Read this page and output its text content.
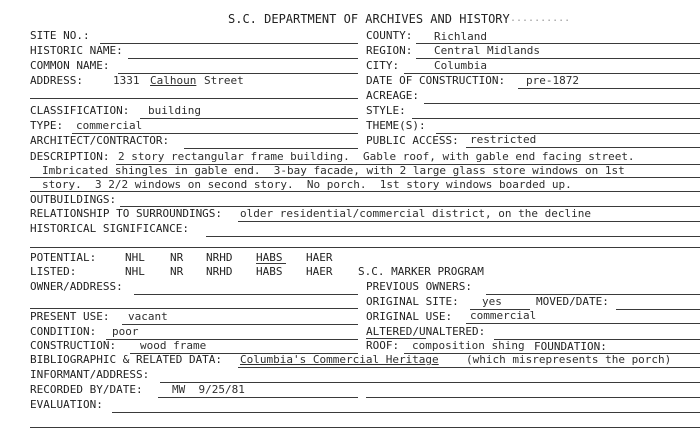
S.C. DEPARTMENT OF ARCHIVES AND HISTORY ..........
SITE NO.:
HISTORIC NAME:
COMMON NAME:
ADDRESS:	1331 Calhoun Street
COUNTY: Richland
REGION: Central Midlands
CITY:	Columbia
DATE OF CONSTRUCTION: pre-1872
ACREAGE:
STYLE:
CLASSIFICATION: building
TYPE: commercial	THEME(S):
ARCHITECT/CONTRACTOR:	PUBLIC ACCESS: restricted
DESCRIPTION: 2 story rectangular frame building.  Gable roof, with gable end facing street.
Imbricated shingles in gable end.  3-bay facade, with 2 large glass store windows on 1st
story.  3 2/2 windows on second story.  No porch.  1st story windows boarded up.
OUTBUILDINGS:
RELATIONSHIP TO SURROUNDINGS: older residential/commercial district, on the decline
HISTORICAL SIGNIFICANCE:
POTENTIAL:	NHL NR NRHD HABS HAER
LISTED:	NHL NR NRHD HABS HAER S.C. MARKER PROGRAM
OWNER/ADDRESS:	PREVIOUS OWNERS:
ORIGINAL SITE: yes	MOVED/DATE:
PRESENT USE: vacant	ORIGINAL USE: commercial
CONDITION: poor	ALTERED/UNALTERED:
CONSTRUCTION: wood frame	ROOF: composition shing FOUNDATION:
BIBLIOGRAPHIC & RELATED DATA: Columbia's Commercial Heritage (which misrepresents the porch)
INFORMANT/ADDRESS:
RECORDED BY/DATE:	MW  9/25/81
EVALUATION:
